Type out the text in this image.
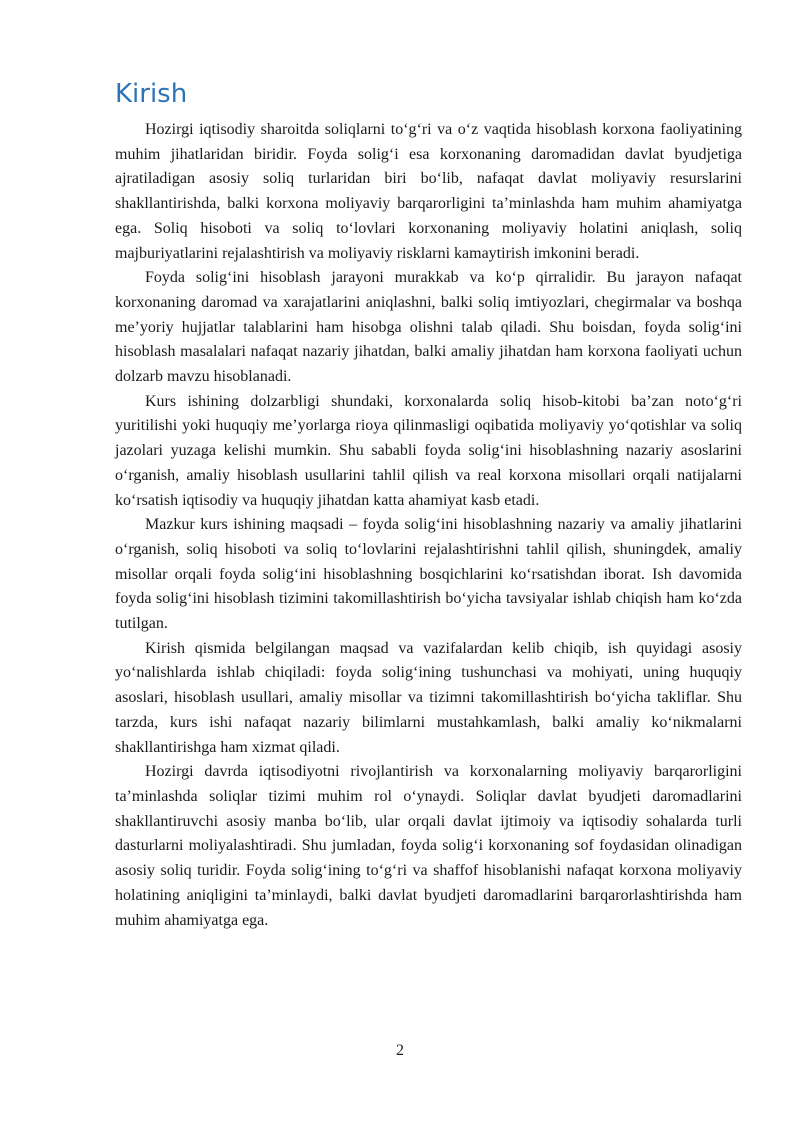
Kirish

Hozirgi iqtisodiy sharoitda soliqlarni to‘g‘ri va o‘z vaqtida hisoblash korxona faoliyatining muhim jihatlaridan biridir. Foyda solig‘i esa korxonaning daromadidan davlat byudjetiga ajratiladigan asosiy soliq turlaridan biri bo‘lib, nafaqat davlat moliyaviy resurslarini shakllantirishda, balki korxona moliyaviy barqarorligini ta’minlashda ham muhim ahamiyatga ega. Soliq hisoboti va soliq to‘lovlari korxonaning moliyaviy holatini aniqlash, soliq majburiyatlarini rejalashtirish va moliyaviy risklarni kamaytirish imkonini beradi.

Foyda solig‘ini hisoblash jarayoni murakkab va ko‘p qirralidir. Bu jarayon nafaqat korxonaning daromad va xarajatlarini aniqlashni, balki soliq imtiyozlari, chegirmalar va boshqa me’yoriy hujjatlar talablarini ham hisobga olishni talab qiladi. Shu boisdan, foyda solig‘ini hisoblash masalalari nafaqat nazariy jihatdan, balki amaliy jihatdan ham korxona faoliyati uchun dolzarb mavzu hisoblanadi.

Kurs ishining dolzarbligi shundaki, korxonalarda soliq hisob-kitobi ba’zan noto‘g‘ri yuritilishi yoki huquqiy me’yorlarga rioya qilinmasligi oqibatida moliyaviy yo‘qotishlar va soliq jazolari yuzaga kelishi mumkin. Shu sababli foyda solig‘ini hisoblashning nazariy asoslarini o‘rganish, amaliy hisoblash usullarini tahlil qilish va real korxona misollari orqali natijalarni ko‘rsatish iqtisodiy va huquqiy jihatdan katta ahamiyat kasb etadi.

Mazkur kurs ishining maqsadi – foyda solig‘ini hisoblashning nazariy va amaliy jihatlarini o‘rganish, soliq hisoboti va soliq to‘lovlarini rejalashtirishni tahlil qilish, shuningdek, amaliy misollar orqali foyda solig‘ini hisoblashning bosqichlarini ko‘rsatishdan iborat. Ish davomida foyda solig‘ini hisoblash tizimini takomillashtirish bo‘yicha tavsiyalar ishlab chiqish ham ko‘zda tutilgan.

Kirish qismida belgilangan maqsad va vazifalardan kelib chiqib, ish quyidagi asosiy yo‘nalishlarda ishlab chiqiladi: foyda solig‘ining tushunchasi va mohiyati, uning huquqiy asoslari, hisoblash usullari, amaliy misollar va tizimni takomillashtirish bo‘yicha takliflar. Shu tarzda, kurs ishi nafaqat nazariy bilimlarni mustahkamlash, balki amaliy ko‘nikmalarni shakllantirishga ham xizmat qiladi.

Hozirgi davrda iqtisodiyotni rivojlantirish va korxonalarning moliyaviy barqarorligini ta’minlashda soliqlar tizimi muhim rol o‘ynaydi. Soliqlar davlat byudjeti daromadlarini shakllantiruvchi asosiy manba bo‘lib, ular orqali davlat ijtimoiy va iqtisodiy sohalarda turli dasturlarni moliyalashtiradi. Shu jumladan, foyda solig‘i korxonaning sof foydasidan olinadigan asosiy soliq turidir. Foyda solig‘ining to‘g‘ri va shaffof hisoblanishi nafaqat korxona moliyaviy holatining aniqligini ta’minlaydi, balki davlat byudjeti daromadlarini barqarorlashtirishda ham muhim ahamiyatga ega.

2
